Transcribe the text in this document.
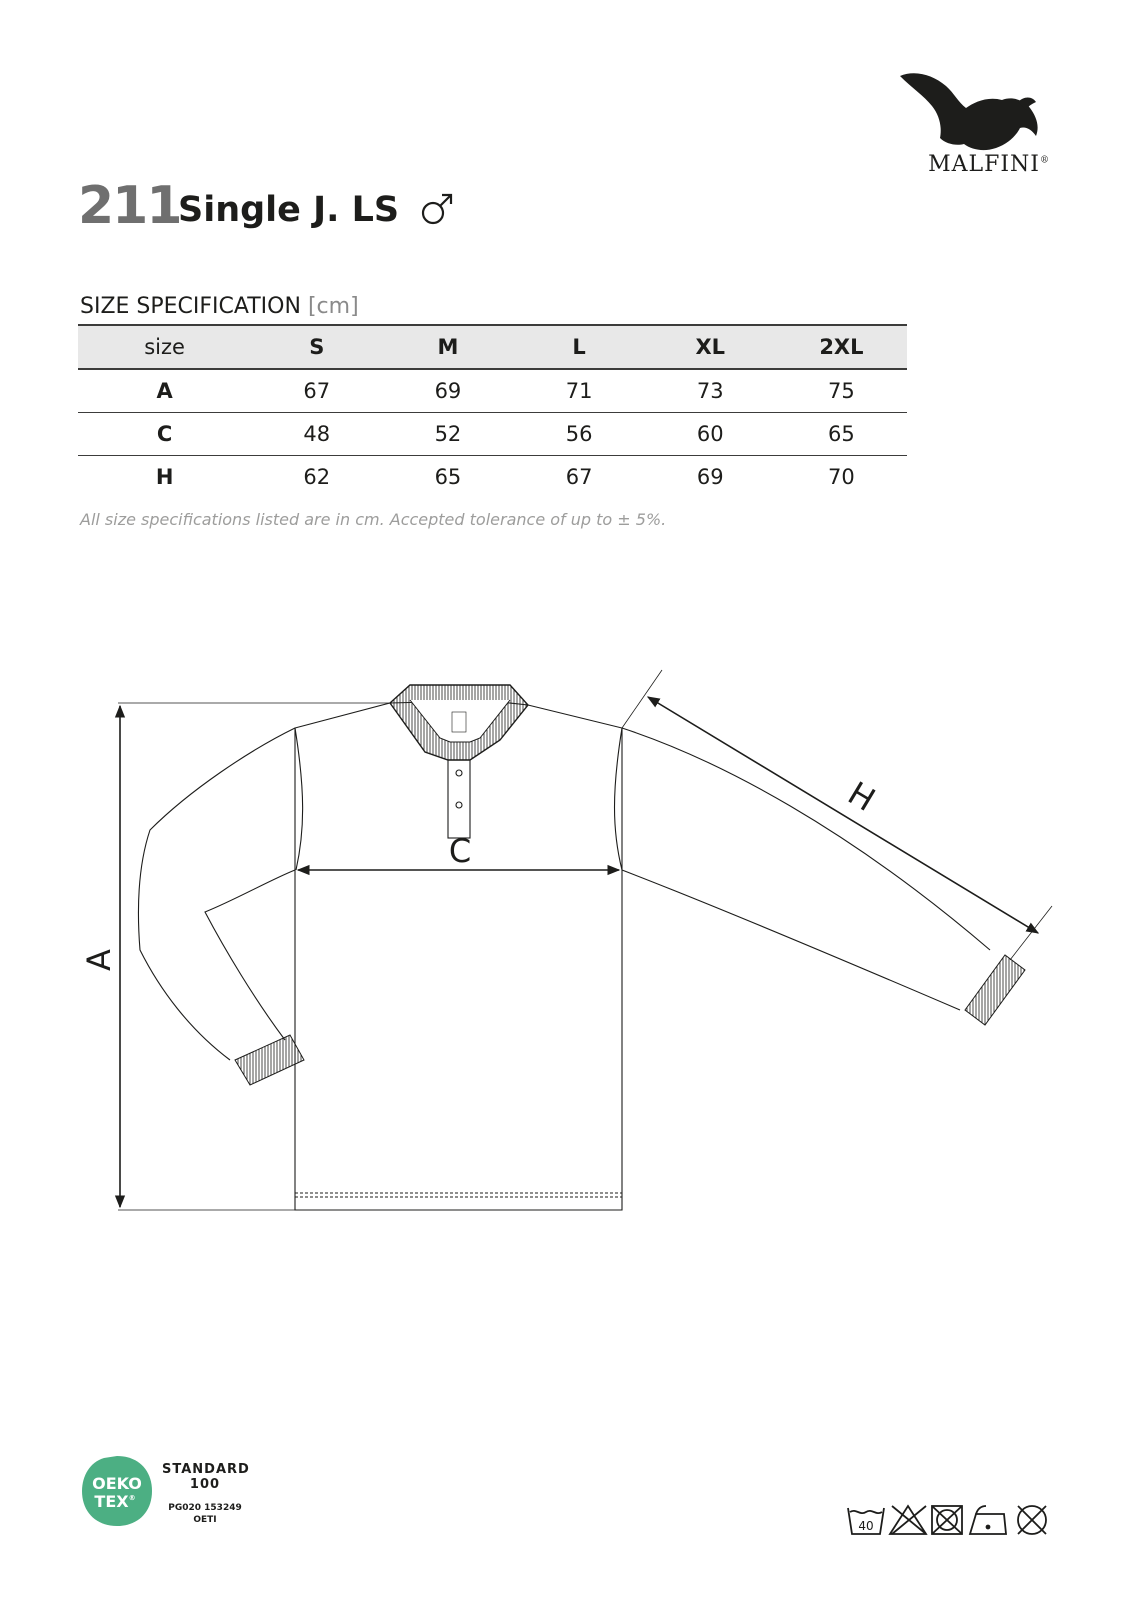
MALFINI®
211
Single J. LS
SIZE SPECIFICATION [cm]
size	S	M	L	XL	2XL
A	67	69	71	73	75
C	48	52	56	60	65
H	62	65	67	69	70
All size specifications listed are in cm. Accepted tolerance of up to ± 5%.
A
C
H
OEKO
TEX®
STANDARD
100
PG020 153249
OETI	40
